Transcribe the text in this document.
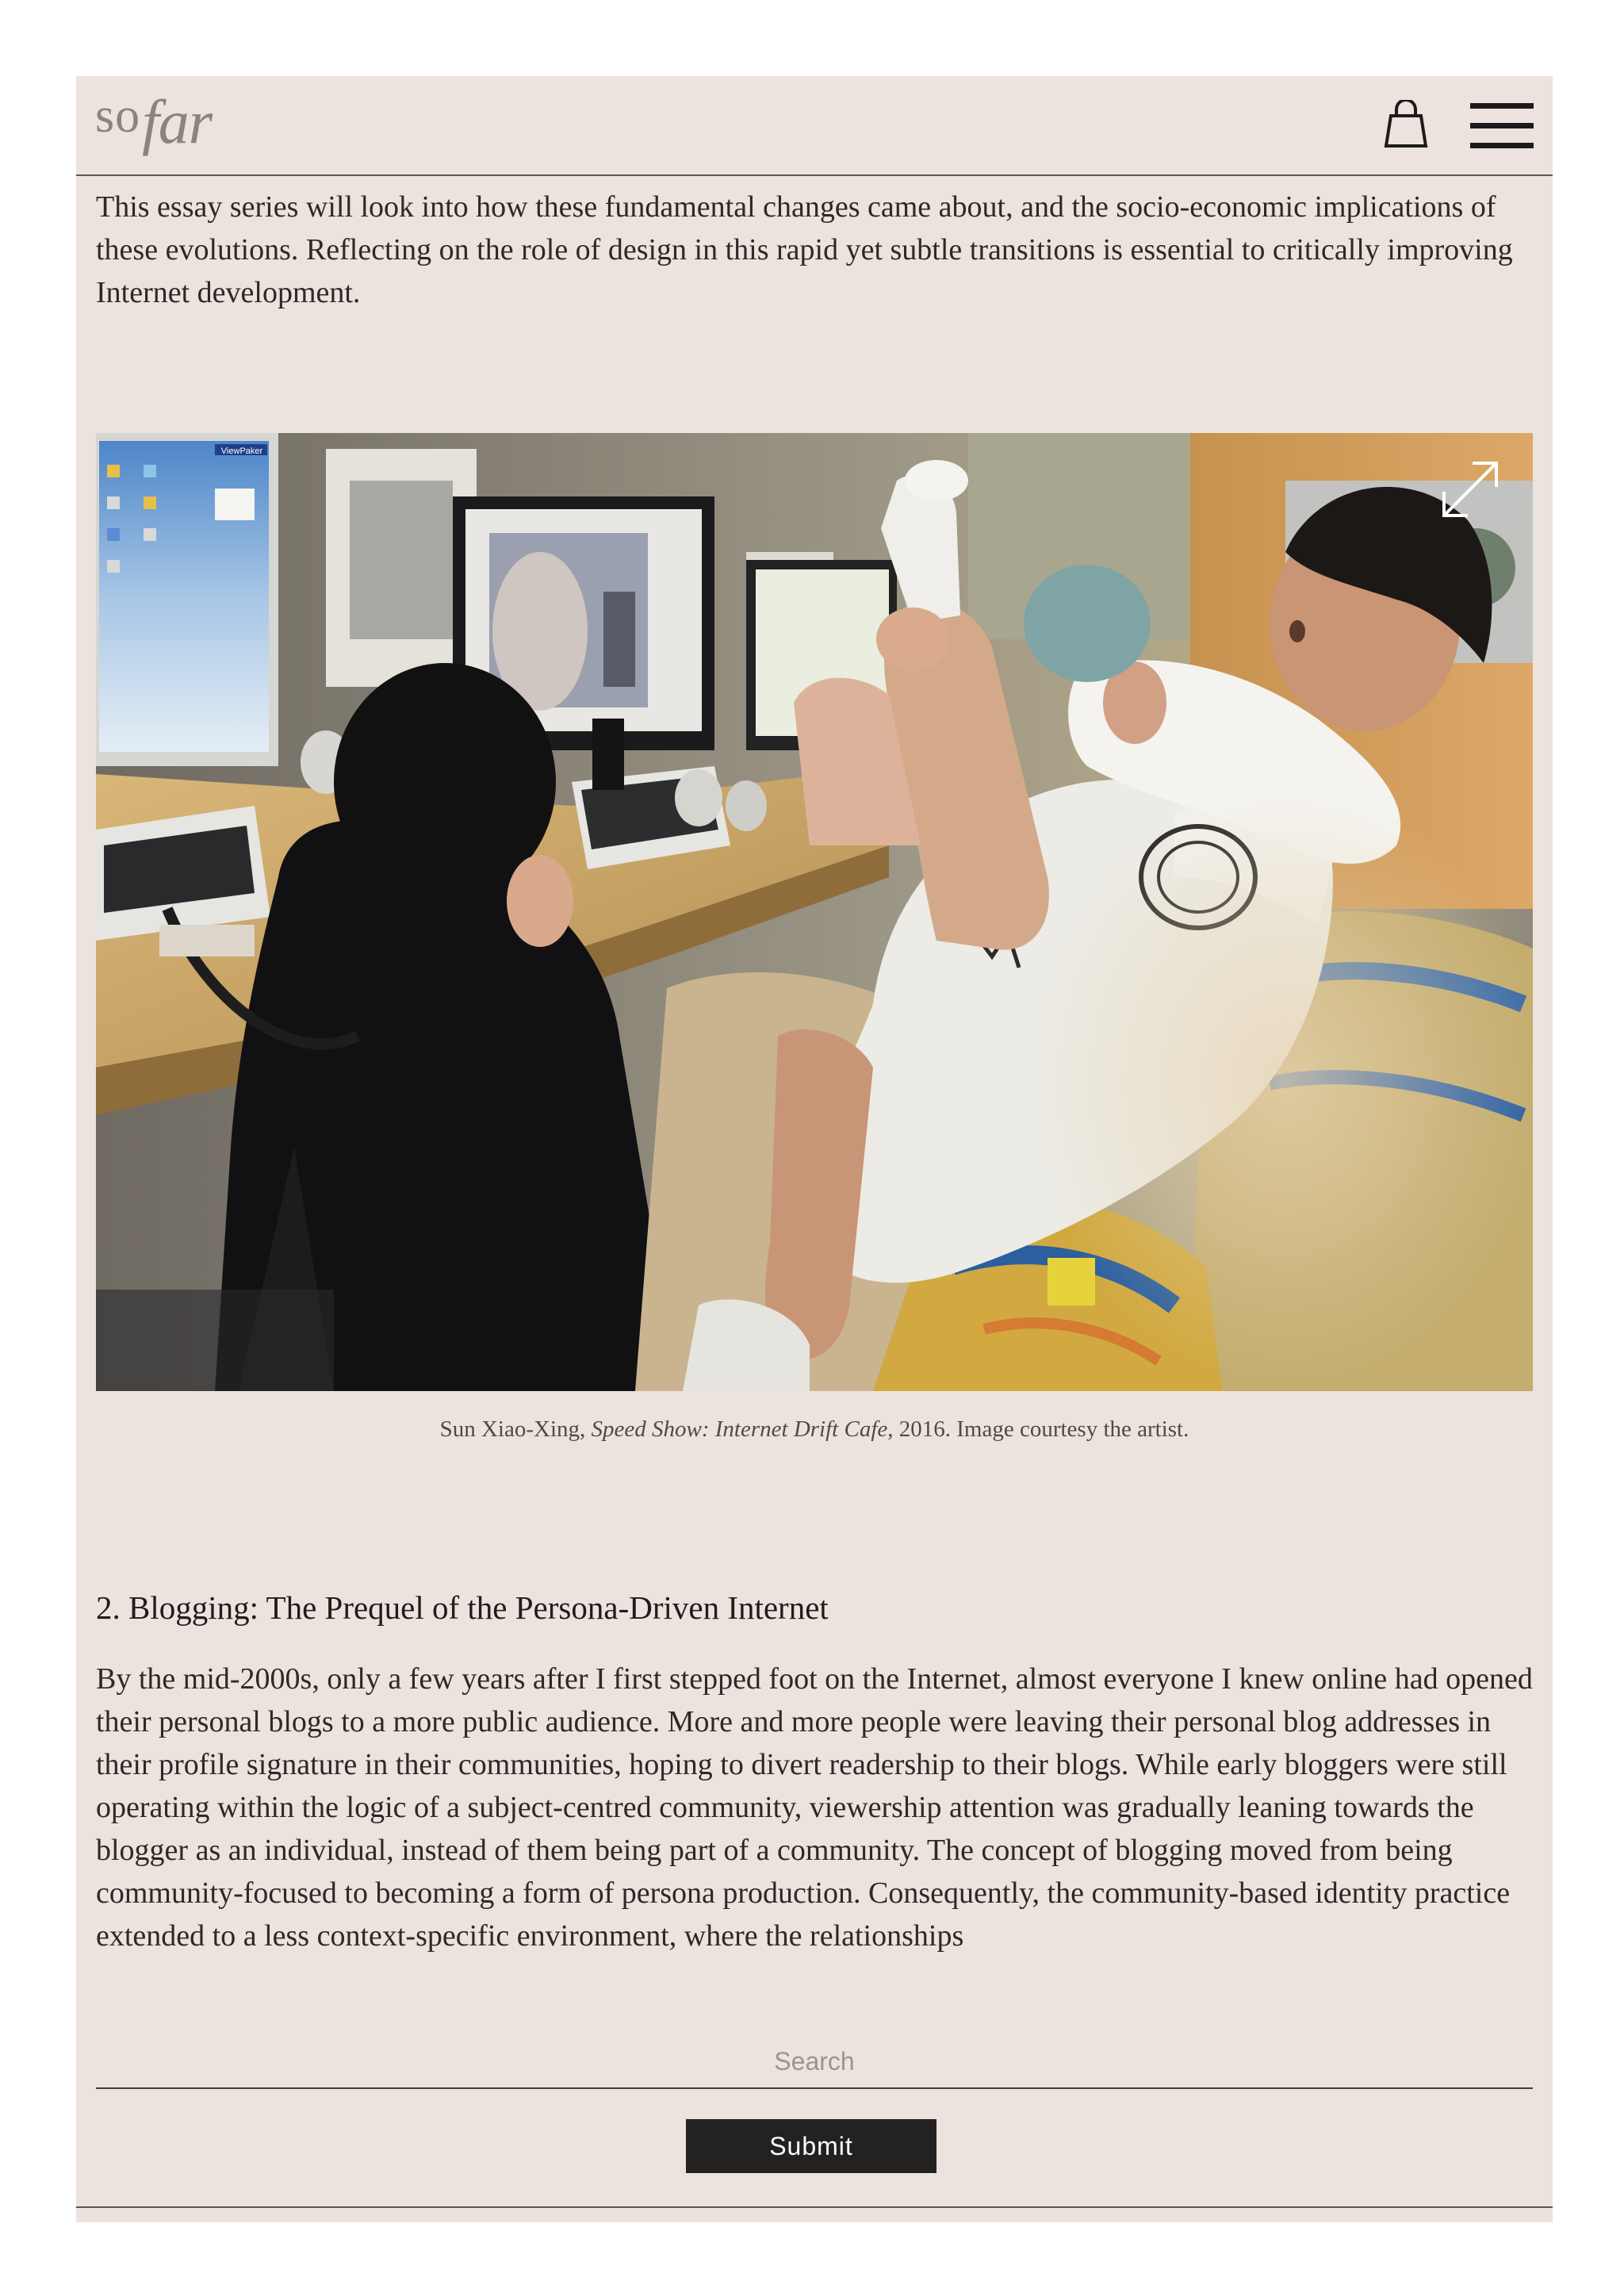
sofar

This essay series will look into how these fundamental changes came about, and the socio-economic implications of these evolutions. Reflecting on the role of design in this rapid yet subtle transitions is essential to critically improving Internet development.

ViewPaker
Sun Xiao-Xing, Speed Show: Internet Drift Cafe, 2016. Image courtesy the artist.
2. Blogging: The Prequel of the Persona-Driven Internet

By the mid-2000s, only a few years after I first stepped foot on the Internet, almost everyone I knew online had opened their personal blogs to a more public audience. More and more people were leaving their personal blog addresses in their profile signature in their communities, hoping to divert readership to their blogs. While early bloggers were still operating within the logic of a subject-centred community, viewership attention was gradually leaning towards the blogger as an individual, instead of them being part of a community. The concept of blogging moved from being community-focused to becoming a form of persona production. Consequently, the community-based identity practice extended to a less context-specific environment, where the relationships

Search
Submit
